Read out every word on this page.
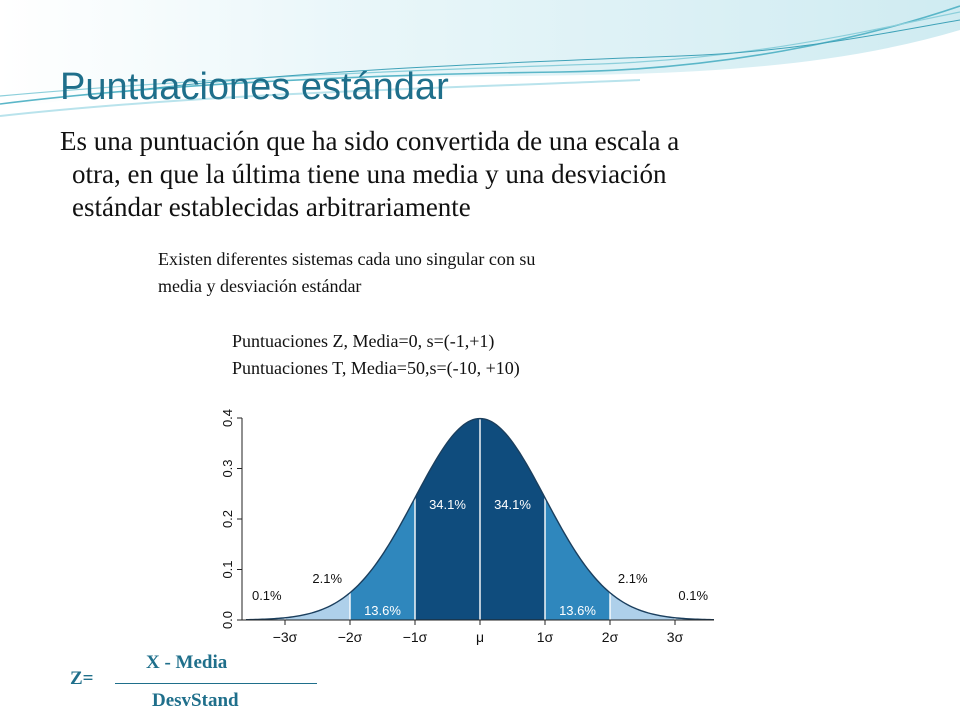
Puntuaciones estándar
Es una puntuación que ha sido convertida de una escala a
otra, en que la última tiene una media y una desviación
estándar establecidas arbitrariamente
Existen diferentes sistemas cada uno singular con su
media y desviación estándar
Puntuaciones Z, Media=0, s=(-1,+1)
Puntuaciones T, Media=50,s=(-10, +10)
0.0
0.1
0.2
0.3
0.4
−3σ	−2σ	−1σ	μ	1σ	2σ	3σ
0.1%
2.1%
13.6%
34.1% 34.1%
13.6%
2.1%
0.1%
Z=
X - Media
DesvStand
